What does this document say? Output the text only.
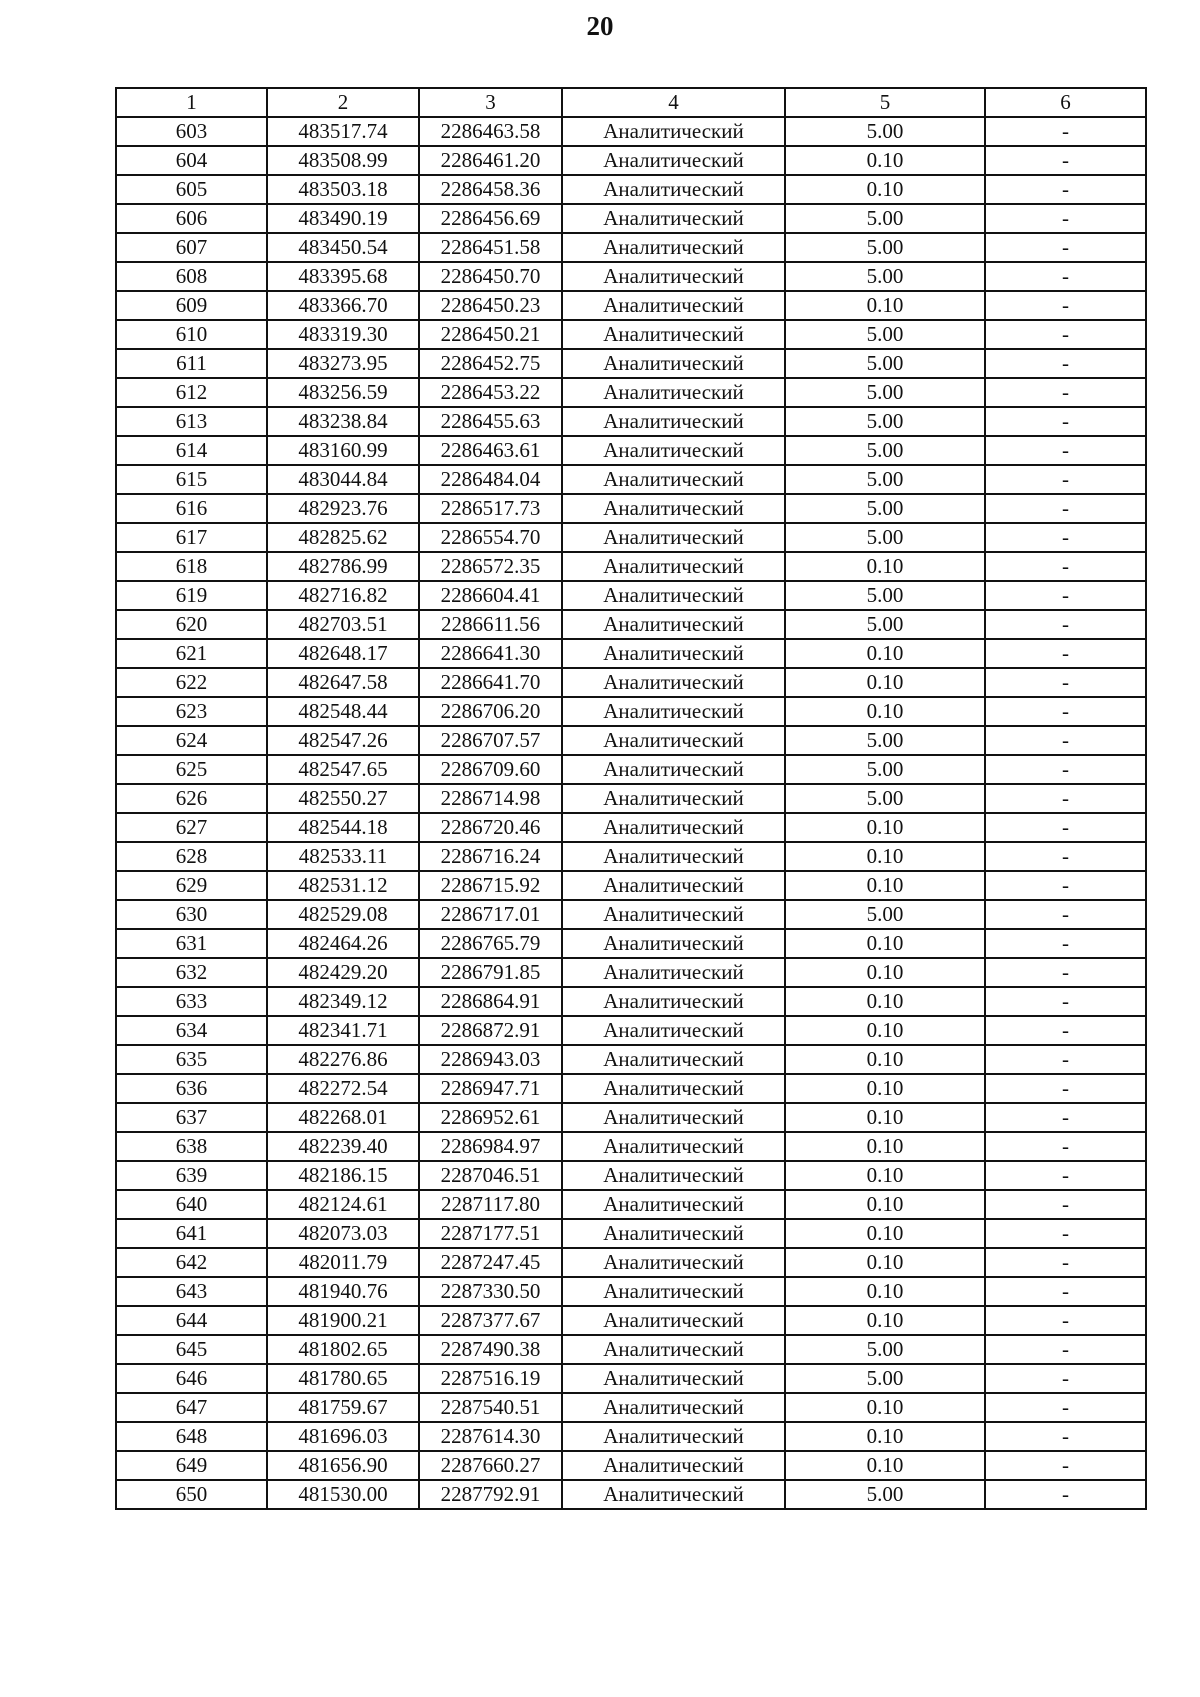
20
1	2	3	4	5	6
603	483517.74	2286463.58	Аналитический	5.00	-
604	483508.99	2286461.20	Аналитический	0.10	-
605	483503.18	2286458.36	Аналитический	0.10	-
606	483490.19	2286456.69	Аналитический	5.00	-
607	483450.54	2286451.58	Аналитический	5.00	-
608	483395.68	2286450.70	Аналитический	5.00	-
609	483366.70	2286450.23	Аналитический	0.10	-
610	483319.30	2286450.21	Аналитический	5.00	-
611	483273.95	2286452.75	Аналитический	5.00	-
612	483256.59	2286453.22	Аналитический	5.00	-
613	483238.84	2286455.63	Аналитический	5.00	-
614	483160.99	2286463.61	Аналитический	5.00	-
615	483044.84	2286484.04	Аналитический	5.00	-
616	482923.76	2286517.73	Аналитический	5.00	-
617	482825.62	2286554.70	Аналитический	5.00	-
618	482786.99	2286572.35	Аналитический	0.10	-
619	482716.82	2286604.41	Аналитический	5.00	-
620	482703.51	2286611.56	Аналитический	5.00	-
621	482648.17	2286641.30	Аналитический	0.10	-
622	482647.58	2286641.70	Аналитический	0.10	-
623	482548.44	2286706.20	Аналитический	0.10	-
624	482547.26	2286707.57	Аналитический	5.00	-
625	482547.65	2286709.60	Аналитический	5.00	-
626	482550.27	2286714.98	Аналитический	5.00	-
627	482544.18	2286720.46	Аналитический	0.10	-
628	482533.11	2286716.24	Аналитический	0.10	-
629	482531.12	2286715.92	Аналитический	0.10	-
630	482529.08	2286717.01	Аналитический	5.00	-
631	482464.26	2286765.79	Аналитический	0.10	-
632	482429.20	2286791.85	Аналитический	0.10	-
633	482349.12	2286864.91	Аналитический	0.10	-
634	482341.71	2286872.91	Аналитический	0.10	-
635	482276.86	2286943.03	Аналитический	0.10	-
636	482272.54	2286947.71	Аналитический	0.10	-
637	482268.01	2286952.61	Аналитический	0.10	-
638	482239.40	2286984.97	Аналитический	0.10	-
639	482186.15	2287046.51	Аналитический	0.10	-
640	482124.61	2287117.80	Аналитический	0.10	-
641	482073.03	2287177.51	Аналитический	0.10	-
642	482011.79	2287247.45	Аналитический	0.10	-
643	481940.76	2287330.50	Аналитический	0.10	-
644	481900.21	2287377.67	Аналитический	0.10	-
645	481802.65	2287490.38	Аналитический	5.00	-
646	481780.65	2287516.19	Аналитический	5.00	-
647	481759.67	2287540.51	Аналитический	0.10	-
648	481696.03	2287614.30	Аналитический	0.10	-
649	481656.90	2287660.27	Аналитический	0.10	-
650	481530.00	2287792.91	Аналитический	5.00	-
